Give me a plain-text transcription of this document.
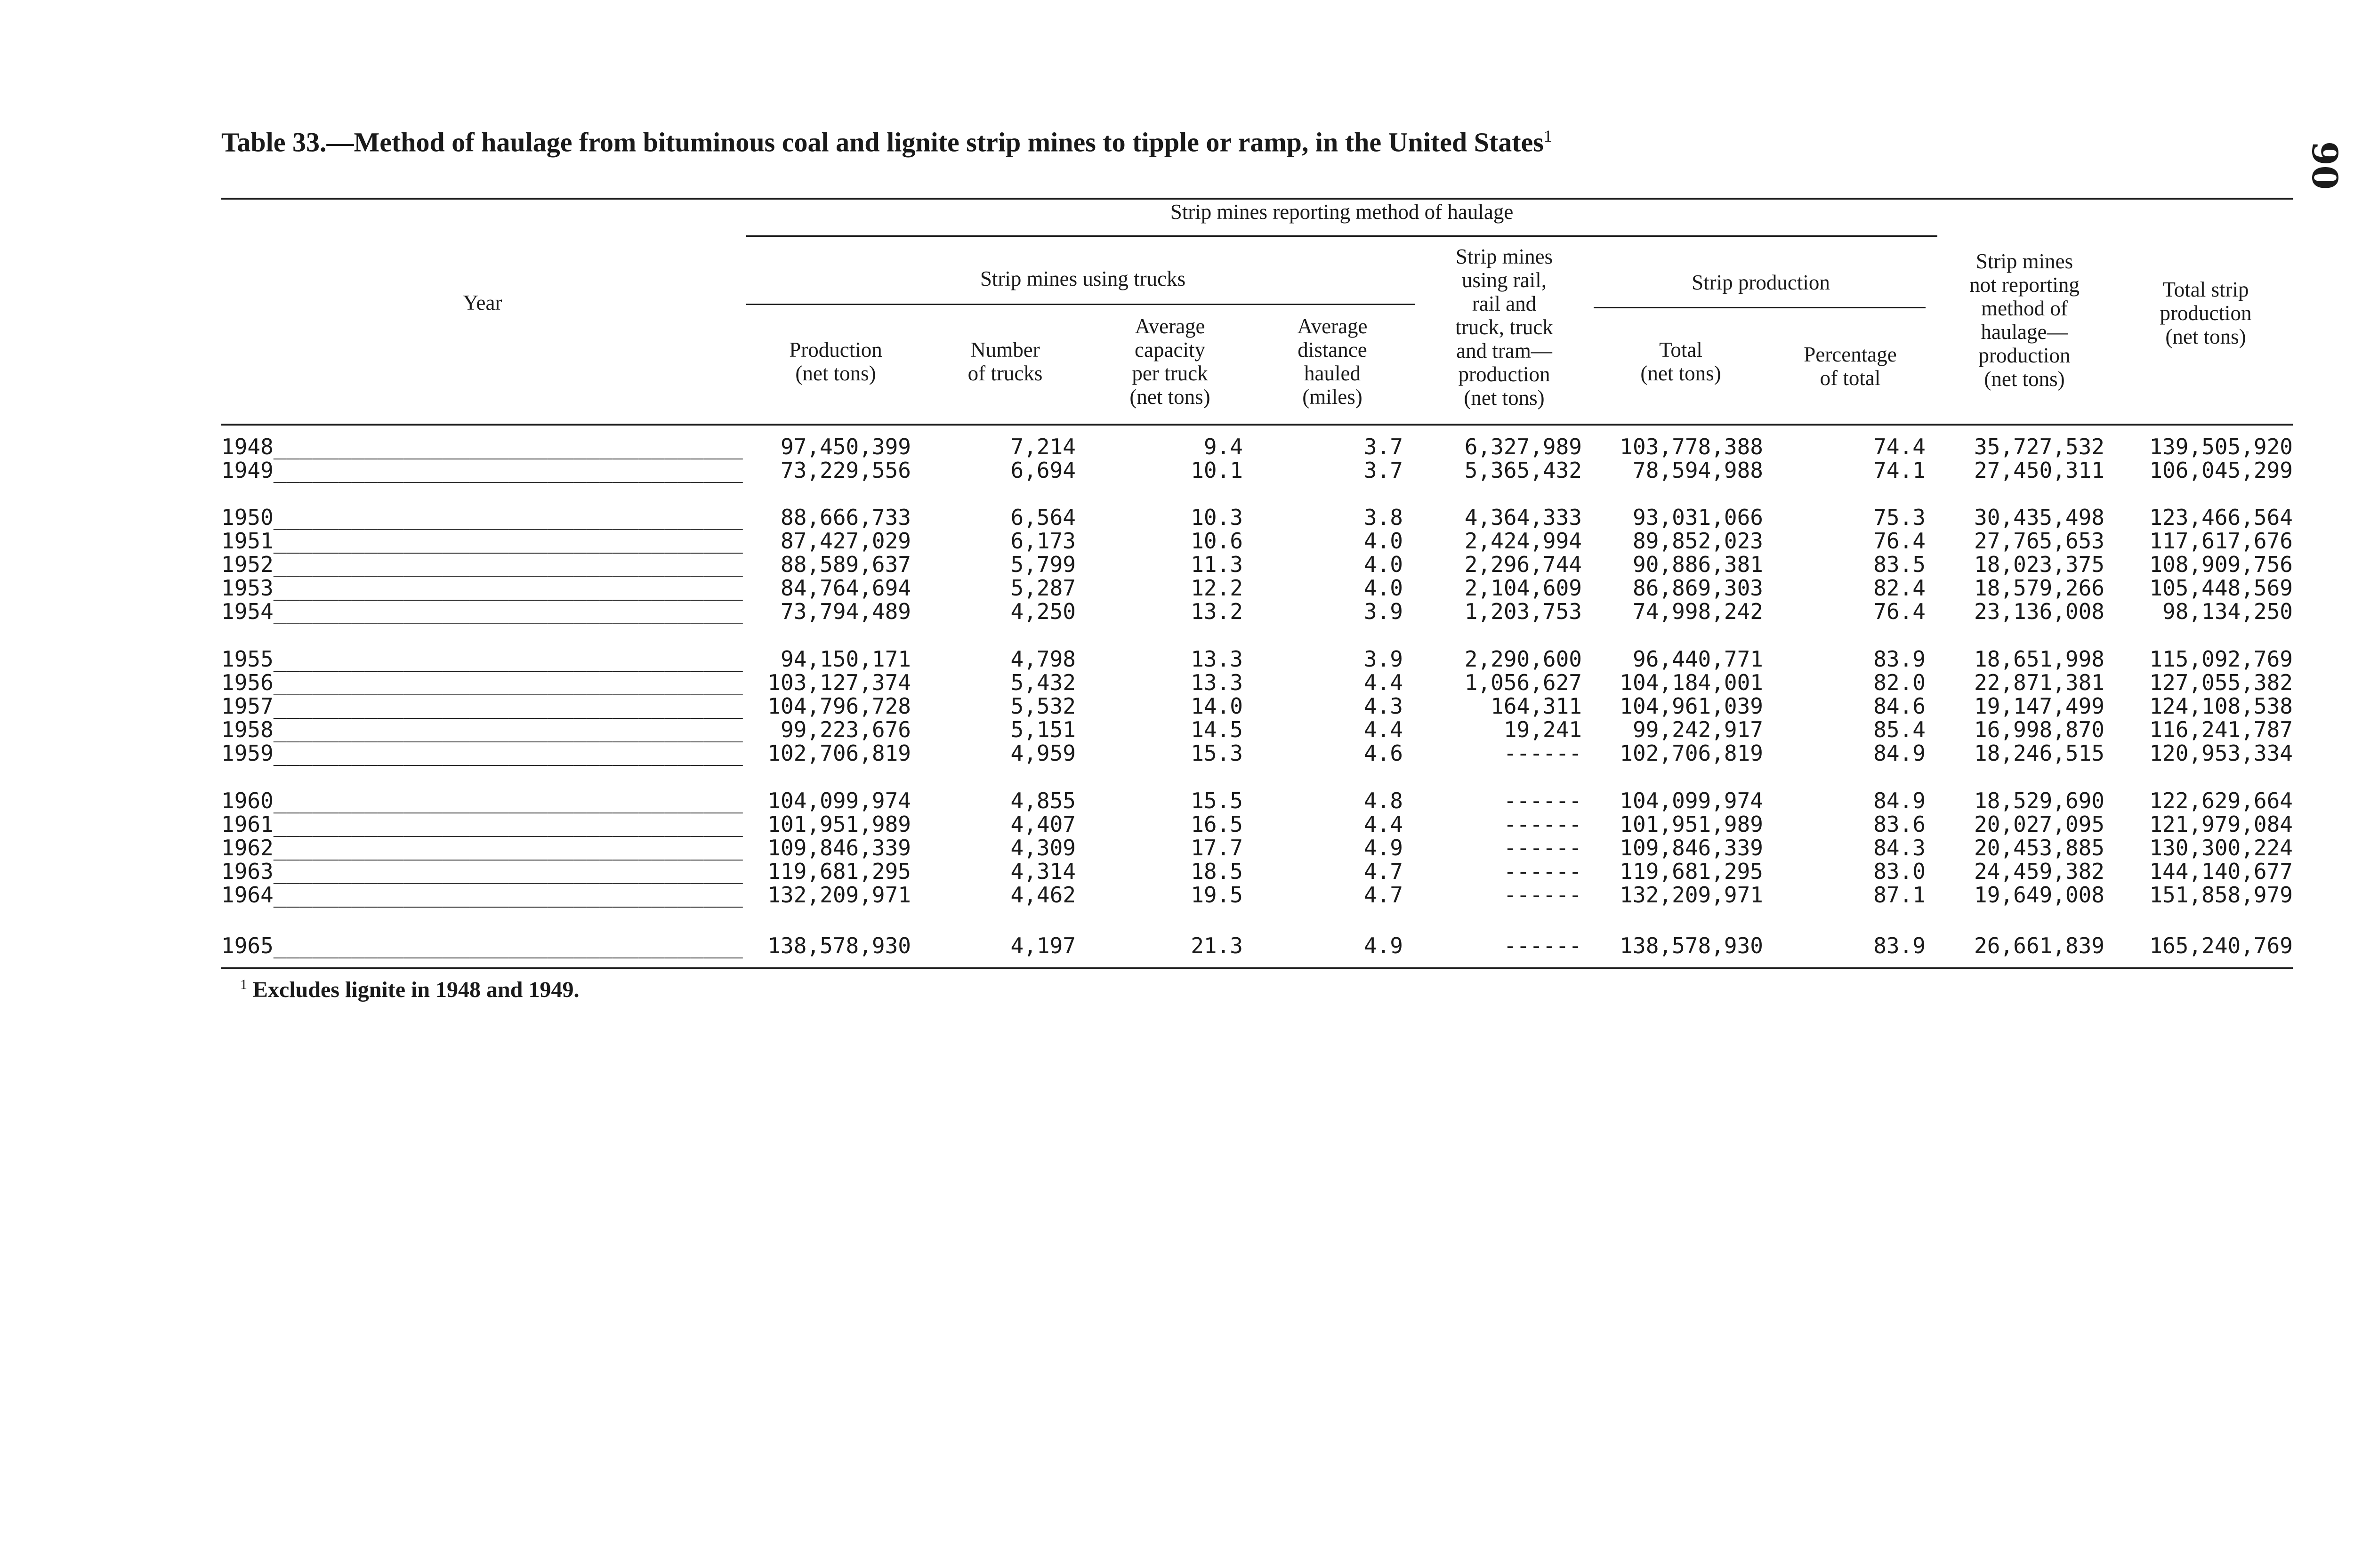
90
Table 33.—Method of haulage from bituminous coal and lignite strip mines to tipple or ramp, in the United States$^1$
Year
Strip mines reporting method of haulage
Strip mines using trucks	Strip production
Production
(net tons)
Number
of trucks
Average
capacity
per truck
(net tons)
Average
distance
hauled
(miles)
Strip mines
using rail,
rail and
truck, truck
and tram—
production
(net tons)
Total
(net tons)
Percentage
of total
Strip mines
not reporting
method of
haulage—
production
(net tons)
Total strip
production
(net tons)
1948____________________________________	97,450,399	7,214	9.4	3.7	6,327,989	103,778,388	74.4	35,727,532	139,505,920
1949____________________________________	73,229,556	6,694	10.1	3.7	5,365,432	78,594,988	74.1	27,450,311	106,045,299
1950____________________________________	88,666,733	6,564	10.3	3.8	4,364,333	93,031,066	75.3	30,435,498	123,466,564
1951____________________________________	87,427,029	6,173	10.6	4.0	2,424,994	89,852,023	76.4	27,765,653	117,617,676
1952____________________________________	88,589,637	5,799	11.3	4.0	2,296,744	90,886,381	83.5	18,023,375	108,909,756
1953____________________________________	84,764,694	5,287	12.2	4.0	2,104,609	86,869,303	82.4	18,579,266	105,448,569
1954____________________________________	73,794,489	4,250	13.2	3.9	1,203,753	74,998,242	76.4	23,136,008	98,134,250
1955____________________________________	94,150,171	4,798	13.3	3.9	2,290,600	96,440,771	83.9	18,651,998	115,092,769
1956____________________________________	103,127,374	5,432	13.3	4.4	1,056,627	104,184,001	82.0	22,871,381	127,055,382
1957____________________________________	104,796,728	5,532	14.0	4.3	164,311	104,961,039	84.6	19,147,499	124,108,538
1958____________________________________	99,223,676	5,151	14.5	4.4	19,241	99,242,917	85.4	16,998,870	116,241,787
1959____________________________________	102,706,819	4,959	15.3	4.6	------	102,706,819	84.9	18,246,515	120,953,334
1960____________________________________	104,099,974	4,855	15.5	4.8	------	104,099,974	84.9	18,529,690	122,629,664
1961____________________________________	101,951,989	4,407	16.5	4.4	------	101,951,989	83.6	20,027,095	121,979,084
1962____________________________________	109,846,339	4,309	17.7	4.9	------	109,846,339	84.3	20,453,885	130,300,224
1963____________________________________	119,681,295	4,314	18.5	4.7	------	119,681,295	83.0	24,459,382	144,140,677
1964____________________________________	132,209,971	4,462	19.5	4.7	------	132,209,971	87.1	19,649,008	151,858,979
1965____________________________________	138,578,930	4,197	21.3	4.9	------	138,578,930	83.9	26,661,839	165,240,769
$^1$ Excludes lignite in 1948 and 1949.
